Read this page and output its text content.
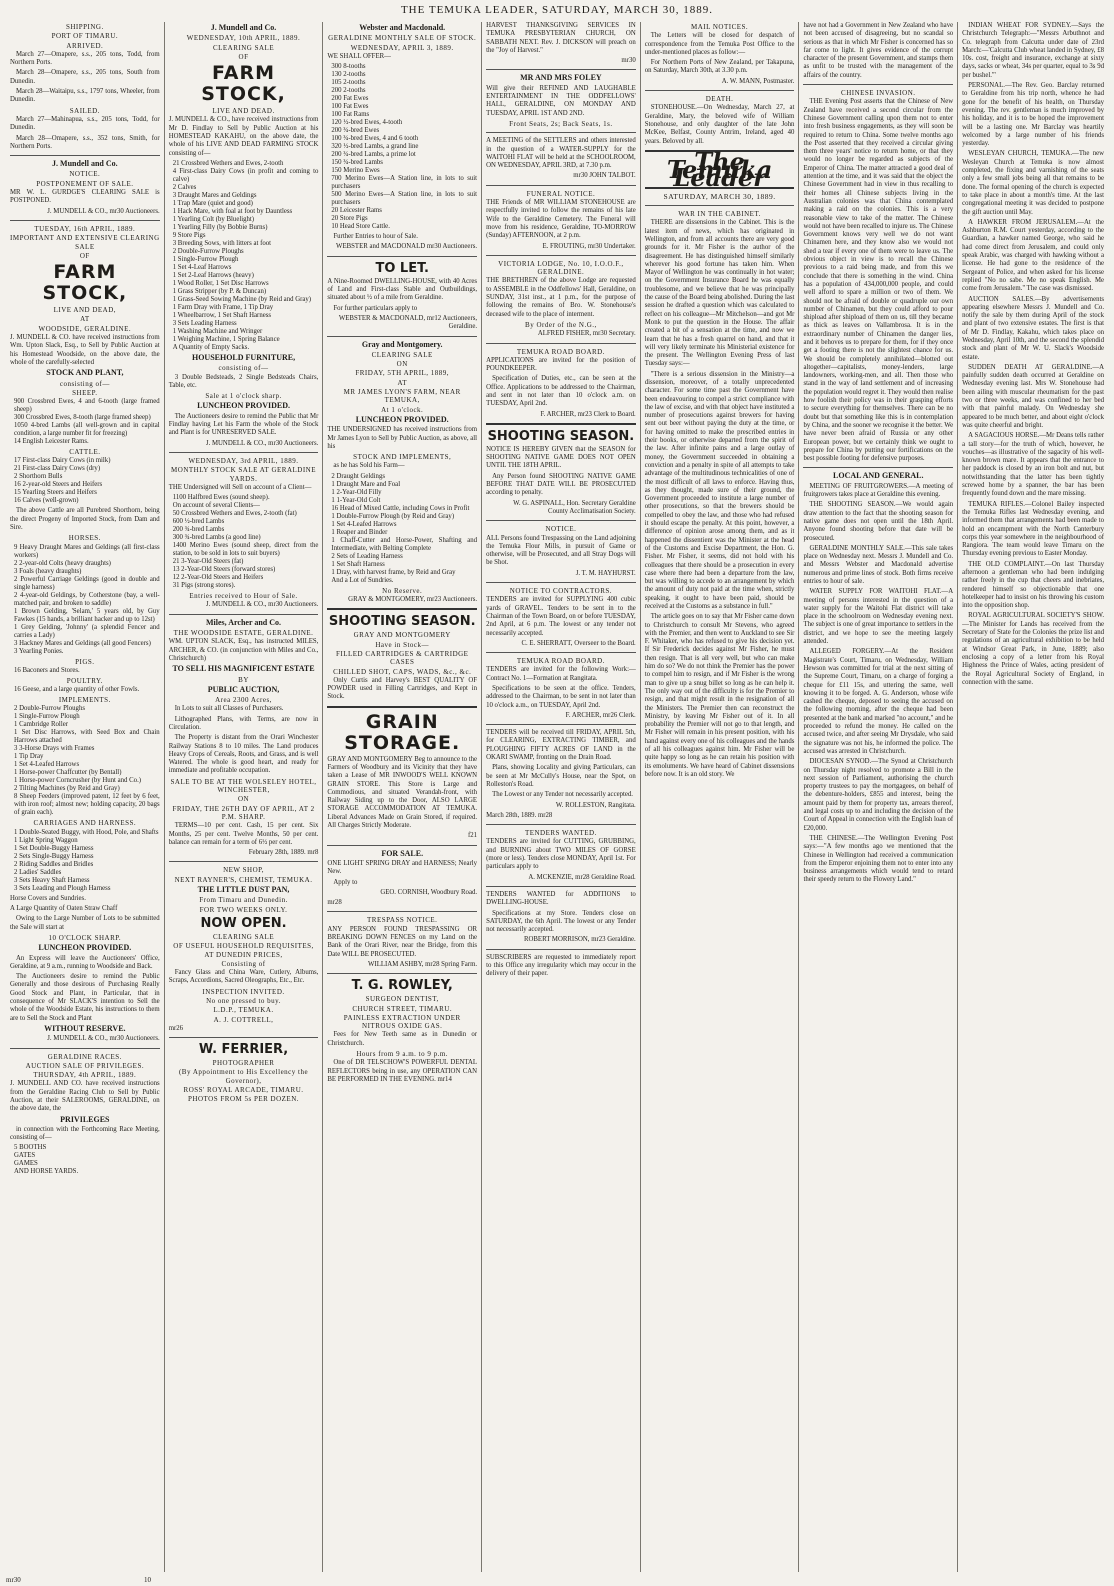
THE TEMUKA LEADER, SATURDAY, MARCH 30, 1889.
SHIPPING.
PORT OF TIMARU.
ARRIVED.

March 27—Omapere, s.s., 205 tons, Todd, from Northern Ports.

March 28—Omapere, s.s., 205 tons, South from Dunedin.

March 28—Waitaipu, s.s., 1797 tons, Wheeler, from Dunedin.

SAILED.

March 27—Mahinapua, s.s., 205 tons, Todd, for Dunedin.

March 28—Omapere, s.s., 352 tons, Smith, for Northern Ports.

J. Mundell and Co.
NOTICE.
POSTPONEMENT OF SALE.

MR W. L. GURDGE'S CLEARING SALE is POSTPONED.

J. MUNDELL & CO., mr30 Auctioneers.

TUESDAY, 16th APRIL, 1889.
IMPORTANT AND EXTENSIVE CLEARING SALE
OF
FARM STOCK,
LIVE AND DEAD,
AT
WOODSIDE, GERALDINE.

J. MUNDELL & CO. have received instructions from Wm. Upton Slack, Esq., to Sell by Public Auction at his Homestead Woodside, on the above date, the whole of the carefully-selected

STOCK AND PLANT,
consisting of—
SHEEP.
900 Crossbred Ewes, 4 and 6-tooth (large framed sheep)
300 Crossbred Ewes, 8-tooth (large framed sheep)
1050 4-bred Lambs (all well-grown and in capital condition, a large number fit for freezing)
14 English Leicester Rams.
CATTLE.
17 First-class Dairy Cows (in milk)
21 First-class Dairy Cows (dry)
2 Shorthorn Bulls
16 2-year-old Steers and Heifers
15 Yearling Steers and Heifers
16 Calves (well-grown)

The above Cattle are all Purebred Shorthorn, being the direct Progeny of Imported Stock, from Dam and Sire.

HORSES.
9 Heavy Draught Mares and Geldings (all first-class workers)
2 2-year-old Colts (heavy draughts)
3 Foals (heavy draughts)
2 Powerful Carriage Geldings (good in double and single harness)
2 4-year-old Geldings, by Cotherstone (bay, a well-matched pair, and broken to saddle)
1 Brown Gelding, 'Selam,' 5 years old, by Guy Fawkes (15 hands, a brilliant hacker and up to 12st)
1 Grey Gelding, 'Johnny' (a splendid Fencer and carries a Lady)
3 Hackney Mares and Geldings (all good Fencers)
3 Yearling Ponies.
PIGS.
16 Baconers and Stores.
POULTRY.
16 Geese, and a large quantity of other Fowls.
IMPLEMENTS.
2 Double-Furrow Ploughs
1 Single-Furrow Plough
1 Cambridge Roller
1 Set Disc Harrows, with Seed Box and Chain Harrows attached
3 3-Horse Drays with Frames
1 Tip Dray
1 Set 4-Leafed Harrows
1 Horse-power Chaffcutter (by Bentall)
1 Horse-power Corncrusher (by Hunt and Co.)
2 Tilting Machines (by Reid and Gray)
8 Sheep Feeders (improved patent, 12 feet by 6 feet, with iron roof; almost new; holding capacity, 20 bags of grain each).
CARRIAGES AND HARNESS.
1 Double-Seated Buggy, with Hood, Pole, and Shafts
1 Light Spring Waggon
1 Set Double-Buggy Harness
2 Sets Single-Buggy Harness
2 Riding Saddles and Bridles
2 Ladies' Saddles
3 Sets Heavy Shaft Harness
3 Sets Leading and Plough Harness

Horse Covers and Sundries.

A Large Quantity of Oaten Straw Chaff

Owing to the Large Number of Lots to be submitted the Sale will start at

10 O'CLOCK SHARP.
LUNCHEON PROVIDED.

An Express will leave the Auctioneers' Office, Geraldine, at 9 a.m., running to Woodside and Back.

The Auctioneers desire to remind the Public Generally and those desirous of Purchasing Really Good Stock and Plant, in Particular, that in consequence of Mr SLACK'S intention to Sell the whole of the Woodside Estate, his instructions to them are to Sell the Stock and Plant

WITHOUT RESERVE.

J. MUNDELL & CO., mr30 Auctioneers.

GERALDINE RACES.
AUCTION SALE OF PRIVILEGES.
THURSDAY, 4th APRIL, 1889.

J. MUNDELL AND CO. have received instructions from the Geraldine Racing Club to Sell by Public Auction, at their SALEROOMS, GERALDINE, on the above date, the

PRIVILEGES

in connection with the Forthcoming Race Meeting, consisting of—

5 BOOTHS
GATES
GAMES
AND HORSE YARDS.
J. Mundell and Co.
WEDNESDAY, 10th APRIL, 1889.
CLEARING SALE
OF
FARM STOCK,
LIVE AND DEAD.

J. MUNDELL & CO., have received instructions from Mr D. Findlay to Sell by Public Auction at his HOMESTEAD KAKAHU, on the above date, the whole of his LIVE AND DEAD FARMING STOCK consisting of—

21 Crossbred Wethers and Ewes, 2-tooth
4 First-class Dairy Cows (in profit and coming to calve)
2 Calves
3 Draught Mares and Geldings
1 Trap Mare (quiet and good)
1 Hack Mare, with foal at foot by Dauntless
1 Yearling Colt (by Bluelight)
1 Yearling Filly (by Bobbie Burns)
9 Store Pigs
3 Breeding Sows, with litters at foot
2 Double-Furrow Ploughs
1 Single-Furrow Plough
1 Set 4-Leaf Harrows
1 Set 2-Leaf Harrows (heavy)
1 Wood Roller, 1 Set Disc Harrows
1 Grass Stripper (by P. & Duncan)
1 Grass-Seed Sowing Machine (by Reid and Gray)
1 Farm Dray with Frame, 1 Tip Dray
1 Wheelbarrow, 1 Set Shaft Harness
3 Sets Leading Harness
1 Washing Machine and Wringer
1 Weighing Machine, 1 Spring Balance
A Quantity of Empty Sacks.
HOUSEHOLD FURNITURE,
consisting of—

3 Double Bedsteads, 2 Single Bedsteads Chairs, Table, etc.

Sale at 1 o'clock sharp.
LUNCHEON PROVIDED.

The Auctioneers desire to remind the Public that Mr Findlay having Let his Farm the whole of the Stock and Plant is for UNRESERVED SALE.

J. MUNDELL & CO., mr30 Auctioneers.

WEDNESDAY, 3rd APRIL, 1889.
MONTHLY STOCK SALE AT GERALDINE YARDS.

THE Undersigned will Sell on account of a Client—

1100 Halfbred Ewes (sound sheep).
On account of several Clients—
50 Crossbred Wethers and Ewes, 2-tooth (fat)
600 ½-bred Lambs
200 ¾-bred Lambs
300 ¾-bred Lambs (a good line)
1400 Merino Ewes (sound sheep, direct from the station, to be sold in lots to suit buyers)
21 3-Year-Old Steers (fat)
13 2-Year-Old Steers (forward stores)
12 2-Year-Old Steers and Heifers
31 Pigs (strong stores).
Entries received to Hour of Sale.

J. MUNDELL & CO., mr30 Auctioneers.

Miles, Archer and Co.
THE WOODSIDE ESTATE, GERALDINE.

WM. UPTON SLACK, Esq., has instructed MILES, ARCHER, & CO. (in conjunction with Miles and Co., Christchurch)

TO SELL HIS MAGNIFICENT ESTATE
BY
PUBLIC AUCTION,
Area 2300 Acres,

In Lots to suit all Classes of Purchasers.

Lithographed Plans, with Terms, are now in Circulation.

The Property is distant from the Orari Winchester Railway Stations 8 to 10 miles. The Land produces Heavy Crops of Cereals, Roots, and Grass, and is well Watered. The whole is good heart, and ready for immediate and profitable occupation.

SALE TO BE AT THE WOLSELEY HOTEL, WINCHESTER,
ON
FRIDAY, THE 26TH DAY OF APRIL, AT 2 P.M. SHARP.

TERMS—10 per cent. Cash, 15 per cent. Six Months, 25 per cent. Twelve Months, 50 per cent. balance can remain for a term of 6½ per cent.

February 28th, 1889. mr8

NEW SHOP,
NEXT RAYNER'S, CHEMIST, TEMUKA.
THE LITTLE DUST PAN,
From Timaru and Dunedin.
FOR TWO WEEKS ONLY.
NOW OPEN.
CLEARING SALE
OF USEFUL HOUSEHOLD REQUISITES, AT DUNEDIN PRICES,
Consisting of

Fancy Glass and China Ware, Cutlery, Albums, Scraps, Accordions, Sacred Oleographs, Etc., Etc.

INSPECTION INVITED.
No one pressed to buy.
L.D.P., TEMUKA.
A. J. COTTRELL,

mr26

W. FERRIER,
PHOTOGRAPHER
(By Appointment to His Excellency the Governor),
ROSS' ROYAL ARCADE, TIMARU.
PHOTOS FROM 5s PER DOZEN.
Webster and Macdonald.
GERALDINE MONTHLY SALE OF STOCK.
WEDNESDAY, APRIL 3, 1889.

WE SHALL OFFER—

300 8-tooths
130 2-tooths
105 2-tooths
200 2-tooths
200 Fat Ewes
100 Fat Ewes
100 Fat Rams
120 ½-bred Ewes, 4-tooth
200 ¾-bred Ewes
100 ¾-bred Ewes, 4 and 6 tooth
320 ½-bred Lambs, a grand line
200 ¾-bred Lambs, a prime lot
150 ¾-bred Lambs
150 Merino Ewes
700 Merino Ewes—A Station line, in lots to suit purchasers
500 Merino Ewes—A Station line, in lots to suit purchasers
20 Leicester Rams
20 Store Pigs
10 Head Store Cattle.

Further Entries to hour of Sale.

WEBSTER and MACDONALD mr30 Auctioneers.

TO LET.

A Nine-Roomed DWELLING-HOUSE, with 40 Acres of Land and First-class Stable and Outbuildings, situated about ½ of a mile from Geraldine.

For further particulars apply to

WEBSTER & MACDONALD, mr12 Auctioneers, Geraldine.

Gray and Montgomery.
CLEARING SALE
ON
FRIDAY, 5TH APRIL, 1889,
AT
MR JAMES LYON'S FARM, NEAR TEMUKA,
At 1 o'clock.
LUNCHEON PROVIDED.

THE UNDERSIGNED has received instructions from Mr James Lyon to Sell by Public Auction, as above, all his

STOCK AND IMPLEMENTS,

as he has Sold his Farm—

2 Draught Geldings
1 Draught Mare and Foal
1 2-Year-Old Filly
1 1-Year-Old Colt
16 Head of Mixed Cattle, including Cows in Profit
1 Double-Furrow Plough (by Reid and Gray)
1 Set 4-Leafed Harrows
1 Reaper and Binder
1 Chaff-Cutter and Horse-Power, Shafting and Intermediate, with Belting Complete
2 Sets of Leading Harness
1 Set Shaft Harness
1 Dray, with harvest frame, by Reid and Gray
And a Lot of Sundries.
No Reserve.

GRAY & MONTGOMERY, mr23 Auctioneers.

SHOOTING SEASON.
GRAY AND MONTGOMERY
Have in Stock—
FILLED CARTRIDGES & CARTRIDGE CASES
CHILLED SHOT, CAPS, WADS, &c., &c.

Only Curtis and Harvey's BEST QUALITY OF POWDER used in Filling Cartridges, and Kept in Stock.

GRAIN STORAGE.

GRAY AND MONTGOMERY Beg to announce to the Farmers of Woodbury and its Vicinity that they have taken a Lease of MR INWOOD'S WELL KNOWN GRAIN STORE. This Store is Large and Commodious, and situated Verandah-front, with Railway Siding up to the Door, ALSO LARGE STORAGE ACCOMMODATION AT TEMUKA. Liberal Advances Made on Grain Stored, if required. All Charges Strictly Moderate.

f21

FOR SALE.

ONE LIGHT SPRING DRAY and HARNESS; Nearly New.

Apply to

GEO. CORNISH, Woodbury Road.

mr28

TRESPASS NOTICE.

ANY PERSON FOUND TRESPASSING OR BREAKING DOWN FENCES on my Land on the Bank of the Orari River, near the Bridge, from this Date WILL BE PROSECUTED.

WILLIAM ASHBY, mr28 Spring Farm.

T. G. ROWLEY,
SURGEON DENTIST,
CHURCH STREET, TIMARU.
PAINLESS EXTRACTION UNDER NITROUS OXIDE GAS.

Fees for New Teeth same as in Dunedin or Christchurch.

Hours from 9 a.m. to 9 p.m.

One of DR TELSCHOW'S POWERFUL DENTAL REFLECTORS being in use, any OPERATION CAN BE PERFORMED IN THE EVENING. mr14

HARVEST THANKSGIVING SERVICES IN TEMUKA PRESBYTERIAN CHURCH, ON SABBATH NEXT. Rev. J. DICKSON will preach on the "Joy of Harvest."

mr30

MR AND MRS FOLEY

Will give their REFINED AND LAUGHABLE ENTERTAINMENT IN THE ODDFELLOWS' HALL, GERALDINE, ON MONDAY AND TUESDAY, APRIL 1ST AND 2ND.

Front Seats, 2s; Back Seats, 1s.

A MEETING of the SETTLERS and others interested in the question of a WATER-SUPPLY for the WAITOHI FLAT will be held at the SCHOOLROOM, ON WEDNESDAY, APRIL 3RD, at 7.30 p.m.

mr30 JOHN TALBOT.

FUNERAL NOTICE.

THE Friends of MR WILLIAM STONEHOUSE are respectfully invited to follow the remains of his late Wife to the Geraldine Cemetery. The Funeral will move from his residence, Geraldine, TO-MORROW (Sunday) AFTERNOON, at 2 p.m.

E. FROUTING, mr30 Undertaker.

VICTORIA LODGE, No. 10, I.O.O.F., GERALDINE.

THE BRETHREN of the above Lodge are requested to ASSEMBLE in the Oddfellows' Hall, Geraldine, on SUNDAY, 31st inst., at 1 p.m., for the purpose of following the remains of Bro. W. Stonehouse's deceased wife to the place of interment.

By Order of the N.G.,

ALFRED FISHER, mr30 Secretary.

TEMUKA ROAD BOARD.

APPLICATIONS are invited for the position of POUNDKEEPER.

Specification of Duties, etc., can be seen at the Office. Applications to be addressed to the Chairman, and sent in not later than 10 o'clock a.m. on TUESDAY, April 2nd.

F. ARCHER, mr23 Clerk to Board.

SHOOTING SEASON.

NOTICE IS HEREBY GIVEN that the SEASON for SHOOTING NATIVE GAME DOES NOT OPEN UNTIL THE 18TH APRIL.

Any Person found SHOOTING NATIVE GAME BEFORE THAT DATE WILL BE PROSECUTED according to penalty.

W. G. ASPINALL, Hon. Secretary Geraldine County Acclimatisation Society.

NOTICE.

ALL Persons found Trespassing on the Land adjoining the Temuka Flour Mills, in pursuit of Game or otherwise, will be Prosecuted, and all Stray Dogs will be Shot.

J. T. M. HAYHURST.

NOTICE TO CONTRACTORS.

TENDERS are invited for SUPPLYING 400 cubic yards of GRAVEL. Tenders to be sent in to the Chairman of the Town Board, on or before TUESDAY, 2nd April, at 6 p.m. The lowest or any tender not necessarily accepted.

C. E. SHERRATT, Overseer to the Board.

TEMUKA ROAD BOARD.

TENDERS are invited for the following Work:— Contract No. 1—Formation at Rangitata.

Specifications to be seen at the office. Tenders, addressed to the Chairman, to be sent in not later than 10 o'clock a.m., on TUESDAY, April 2nd.

F. ARCHER, mr26 Clerk.

TENDERS will be received till FRIDAY, APRIL 5th, for CLEARING, EXTRACTING TIMBER, and PLOUGHING FIFTY ACRES OF LAND in the OKARI SWAMP, fronting on the Drain Road.

Plans, showing Locality and giving Particulars, can be seen at Mr McCully's House, near the Spot, on Rolleston's Road.

The Lowest or any Tender not necessarily accepted.

W. ROLLESTON, Rangitata.

March 28th, 1889. mr28

TENDERS WANTED.

TENDERS are invited for CUTTING, GRUBBING, and BURNING about TWO MILES OF GORSE (more or less). Tenders close MONDAY, April 1st. For particulars apply to

A. MCKENZIE, mr28 Geraldine Road.

TENDERS WANTED for ADDITIONS to DWELLING-HOUSE.

Specifications at my Store. Tenders close on SATURDAY, the 6th April. The lowest or any Tender not necessarily accepted.

ROBERT MORRISON, mr23 Geraldine.

SUBSCRIBERS are requested to immediately report to this Office any irregularity which may occur in the delivery of their paper.

MAIL NOTICES.

The Letters will be closed for despatch of correspondence from the Temuka Post Office to the under-mentioned places as follow:—

For Northern Ports of New Zealand, per Takapuna, on Saturday, March 30th, at 3.30 p.m.

A. W. MANN, Postmaster.

DEATH.

STONEHOUSE.—On Wednesday, March 27, at Geraldine, Mary, the beloved wife of William Stonehouse, and only daughter of the late John McKee, Belfast, County Antrim, Ireland, aged 40 years. Beloved by all.

The Temuka Leader
SATURDAY, MARCH 30, 1889.
WAR IN THE CABINET.

THERE are dissensions in the Cabinet. This is the latest item of news, which has originated in Wellington, and from all accounts there are very good grounds for it. Mr Fisher is the author of the disagreement. He has distinguished himself similarly wherever his good fortune has taken him. When Mayor of Wellington he was continually in hot water; on the Government Insurance Board he was equally troublesome, and we believe that he was principally the cause of the Board being abolished. During the last session he drafted a question which was calculated to reflect on his colleague—Mr Mitchelson—and got Mr Monk to put the question in the House. The affair created a bit of a sensation at the time, and now we learn that he has a fresh quarrel on hand, and that it will very likely terminate his Ministerial existence for the present. The Wellington Evening Press of last Tuesday says:—

"There is a serious dissension in the Ministry—a dissension, moreover, of a totally unprecedented character. For some time past the Government have been endeavouring to compel a strict compliance with the law of excise, and with that object have instituted a number of prosecutions against brewers for having sent out beer without paying the duty at the time, or for having omitted to make the prescribed entries in their books, or otherwise departed from the spirit of the law. After infinite pains and a large outlay of money, the Government succeeded in obtaining a conviction and a penalty in spite of all attempts to take advantage of the multitudinous technicalities of one of the most difficult of all laws to enforce. Having thus, as they thought, made sure of their ground, the Government proceeded to institute a large number of other prosecutions, so that the brewers should be compelled to obey the law, and those who had refused it should escape the penalty. At this point, however, a difference of opinion arose among them, and as it happened the dissentient was the Minister at the head of the Customs and Excise Department, the Hon. G. Fisher. Mr Fisher, it seems, did not hold with his colleagues that there should be a prosecution in every case where there had been a departure from the law, but was willing to accede to an arrangement by which the amount of duty not paid at the time when, strictly speaking, it ought to have been paid, should be received at the Customs as a substance in full."

The article goes on to say that Mr Fisher came down to Christchurch to consult Mr Stevens, who agreed with the Premier, and then went to Auckland to see Sir F. Whitaker, who has refused to give his decision yet. If Sir Frederick decides against Mr Fisher, he must then resign. That is all very well, but who can make him do so? We do not think the Premier has the power to compel him to resign, and if Mr Fisher is the wrong man to give up a snug billet so long as he can help it. The only way out of the difficulty is for the Premier to resign, and that might result in the resignation of all the Ministers. The Premier then can reconstruct the Ministry, by leaving Mr Fisher out of it. In all probability the Premier will not go to that length, and Mr Fisher will remain in his present position, with his hand against every one of his colleagues and the hands of all his colleagues against him. Mr Fisher will be quite happy so long as he can retain his position with its emoluments. We have heard of Cabinet dissensions before now. It is an old story. We

have not had a Government in New Zealand who have not been accused of disagreeing, but no scandal so serious as that in which Mr Fisher is concerned has so far come to light. It gives evidence of the corrupt character of the present Government, and stamps them as unfit to be trusted with the management of the affairs of the country.

CHINESE INVASION.

THE Evening Post asserts that the Chinese of New Zealand have received a second circular from the Chinese Government calling upon them not to enter into fresh business engagements, as they will soon be required to return to China. Some twelve months ago the Post asserted that they received a circular giving them three years' notice to return home, or that they would no longer be regarded as subjects of the Emperor of China. The matter attracted a good deal of attention at the time, and it was said that the object the Chinese Government had in view in thus recalling to their homes all Chinese subjects living in the Australian colonies was that China contemplated making a raid on the colonies. This is a very reasonable view to take of the matter. The Chinese would not have been recalled to injure us. The Chinese Government knows very well we do not want Chinamen here, and they know also we would not shed a tear if every one of them were to leave us. The obvious object in view is to recall the Chinese previous to a raid being made, and from this we conclude that there is something in the wind. China has a population of 434,000,000 people, and could well afford to spare a million or two of them. We should not be afraid of double or quadruple our own number of Chinamen, but they could afford to pour shipload after shipload of them on us, till they became as thick as leaves on Vallambrosa. It is in the extraordinary number of Chinamen the danger lies, and it behoves us to prepare for them, for if they once get a footing there is not the slightest chance for us. We should be completely annihilated—blotted out altogether—capitalists, money-lenders, large landowners, working-men, and all. Then those who stand in the way of land settlement and of increasing the population would regret it. They would then realise how foolish their policy was in their grasping efforts to secure everything for themselves. There can be no doubt but that something like this is in contemplation by China, and the sooner we recognise it the better. We have never been afraid of Russia or any other European power, but we certainly think we ought to prepare for China by putting our fortifications on the best possible footing for defensive purposes.

LOCAL AND GENERAL.

MEETING OF FRUITGROWERS.—A meeting of fruitgrowers takes place at Geraldine this evening.

THE SHOOTING SEASON.—We would again draw attention to the fact that the shooting season for native game does not open until the 18th April. Anyone found shooting before that date will be prosecuted.

GERALDINE MONTHLY SALE.—This sale takes place on Wednesday next. Messrs J. Mundell and Co. and Messrs Webster and Macdonald advertise numerous and prime lines of stock. Both firms receive entries to hour of sale.

WATER SUPPLY FOR WAITOHI FLAT.—A meeting of persons interested in the question of a water supply for the Waitohi Flat district will take place in the schoolroom on Wednesday evening next. The subject is one of great importance to settlers in the district, and we hope to see the meeting largely attended.

ALLEGED FORGERY.—At the Resident Magistrate's Court, Timaru, on Wednesday, William Hewson was committed for trial at the next sitting of the Supreme Court, Timaru, on a charge of forging a cheque for £11 15s, and uttering the same, well knowing it to be forged. A. G. Anderson, whose wife cashed the cheque, deposed to seeing the accused on the following morning, after the cheque had been presented at the bank and marked "no account," and he proceeded to refund the money. He called on the accused twice, and after seeing Mr Drysdale, who said the signature was not his, he informed the police. The accused was arrested in Christchurch.

DIOCESAN SYNOD.—The Synod at Christchurch on Thursday night resolved to promote a Bill in the next session of Parliament, authorising the church property trustees to pay the mortgagees, on behalf of the debenture-holders, £855 and interest, being the amount paid by them for property tax, arrears thereof, and legal costs up to and including the decision of the Court of Appeal in connection with the English loan of £20,000.

THE CHINESE.—The Wellington Evening Post says:—"A few months ago we mentioned that the Chinese in Wellington had received a communication from the Emperor enjoining them not to enter into any business arrangements which would tend to retard their speedy return to the Flowery Land."

INDIAN WHEAT FOR SYDNEY.—Says the Christchurch Telegraph:—"Messrs Arbuthnot and Co. telegraph from Calcutta under date of 23rd March:—'Calcutta Club wheat landed in Sydney, £8 10s. cost, freight and insurance, exchange at sixty days, sacks or wheat, 34s per quarter, equal to 3s 9d per bushel.'"

PERSONAL.—The Rev. Geo. Barclay returned to Geraldine from his trip north, whence he had gone for the benefit of his health, on Thursday evening. The rev. gentleman is much improved by his holiday, and it is to be hoped the improvement will be a lasting one. Mr Barclay was heartily welcomed by a large number of his friends yesterday.

WESLEYAN CHURCH, TEMUKA.—The new Wesleyan Church at Temuka is now almost completed, the fixing and varnishing of the seats only a few small jobs being all that remains to be done. The formal opening of the church is expected to take place in about a month's time. At the last congregational meeting it was decided to postpone the gift auction until May.

A HAWKER FROM JERUSALEM.—At the Ashburton R.M. Court yesterday, according to the Guardian, a hawker named George, who said he had come direct from Jerusalem, and could only speak Arabic, was charged with hawking without a license. He had gone to the residence of the Sergeant of Police, and when asked for his license replied "No no sabe. Me no speak English. Me come from Jerusalem." The case was dismissed.

AUCTION SALES.—By advertisements appearing elsewhere Messrs J. Mundell and Co. notify the sale by them during April of the stock and plant of two extensive estates. The first is that of Mr D. Findlay, Kakahu, which takes place on Wednesday, April 10th, and the second the splendid stock and plant of Mr W. U. Slack's Woodside estate.

SUDDEN DEATH AT GERALDINE.—A painfully sudden death occurred at Geraldine on Wednesday evening last. Mrs W. Stonehouse had been ailing with muscular rheumatism for the past two or three weeks, and was confined to her bed with that painful malady. On Wednesday she appeared to be much better, and about eight o'clock was quite cheerful and bright.

A SAGACIOUS HORSE.—Mr Deans tells rather a tall story—for the truth of which, however, he vouches—as illustrative of the sagacity of his well-known brown mare. It appears that the entrance to her paddock is closed by an iron bolt and nut, but notwithstanding that the latter has been tightly screwed home by a spanner, the bar has been frequently found down and the mare missing.

TEMUKA RIFLES.—Colonel Bailey inspected the Temuka Rifles last Wednesday evening, and informed them that arrangements had been made to hold an encampment with the North Canterbury corps this year somewhere in the neighbourhood of Rangiora. The team would leave Timaru on the Thursday evening previous to Easter Monday.

THE OLD COMPLAINT.—On last Thursday afternoon a gentleman who had been indulging rather freely in the cup that cheers and inebriates, rendered himself so objectionable that one hotelkeeper had to insist on his throwing his custom into the opposition shop.

ROYAL AGRICULTURAL SOCIETY'S SHOW.—The Minister for Lands has received from the Secretary of State for the Colonies the prize list and regulations of an agricultural exhibition to be held at Windsor Great Park, in June, 1889; also enclosing a copy of a letter from his Royal Highness the Prince of Wales, acting president of the Royal Agricultural Society of England, in connection with the same.

mr30	10
